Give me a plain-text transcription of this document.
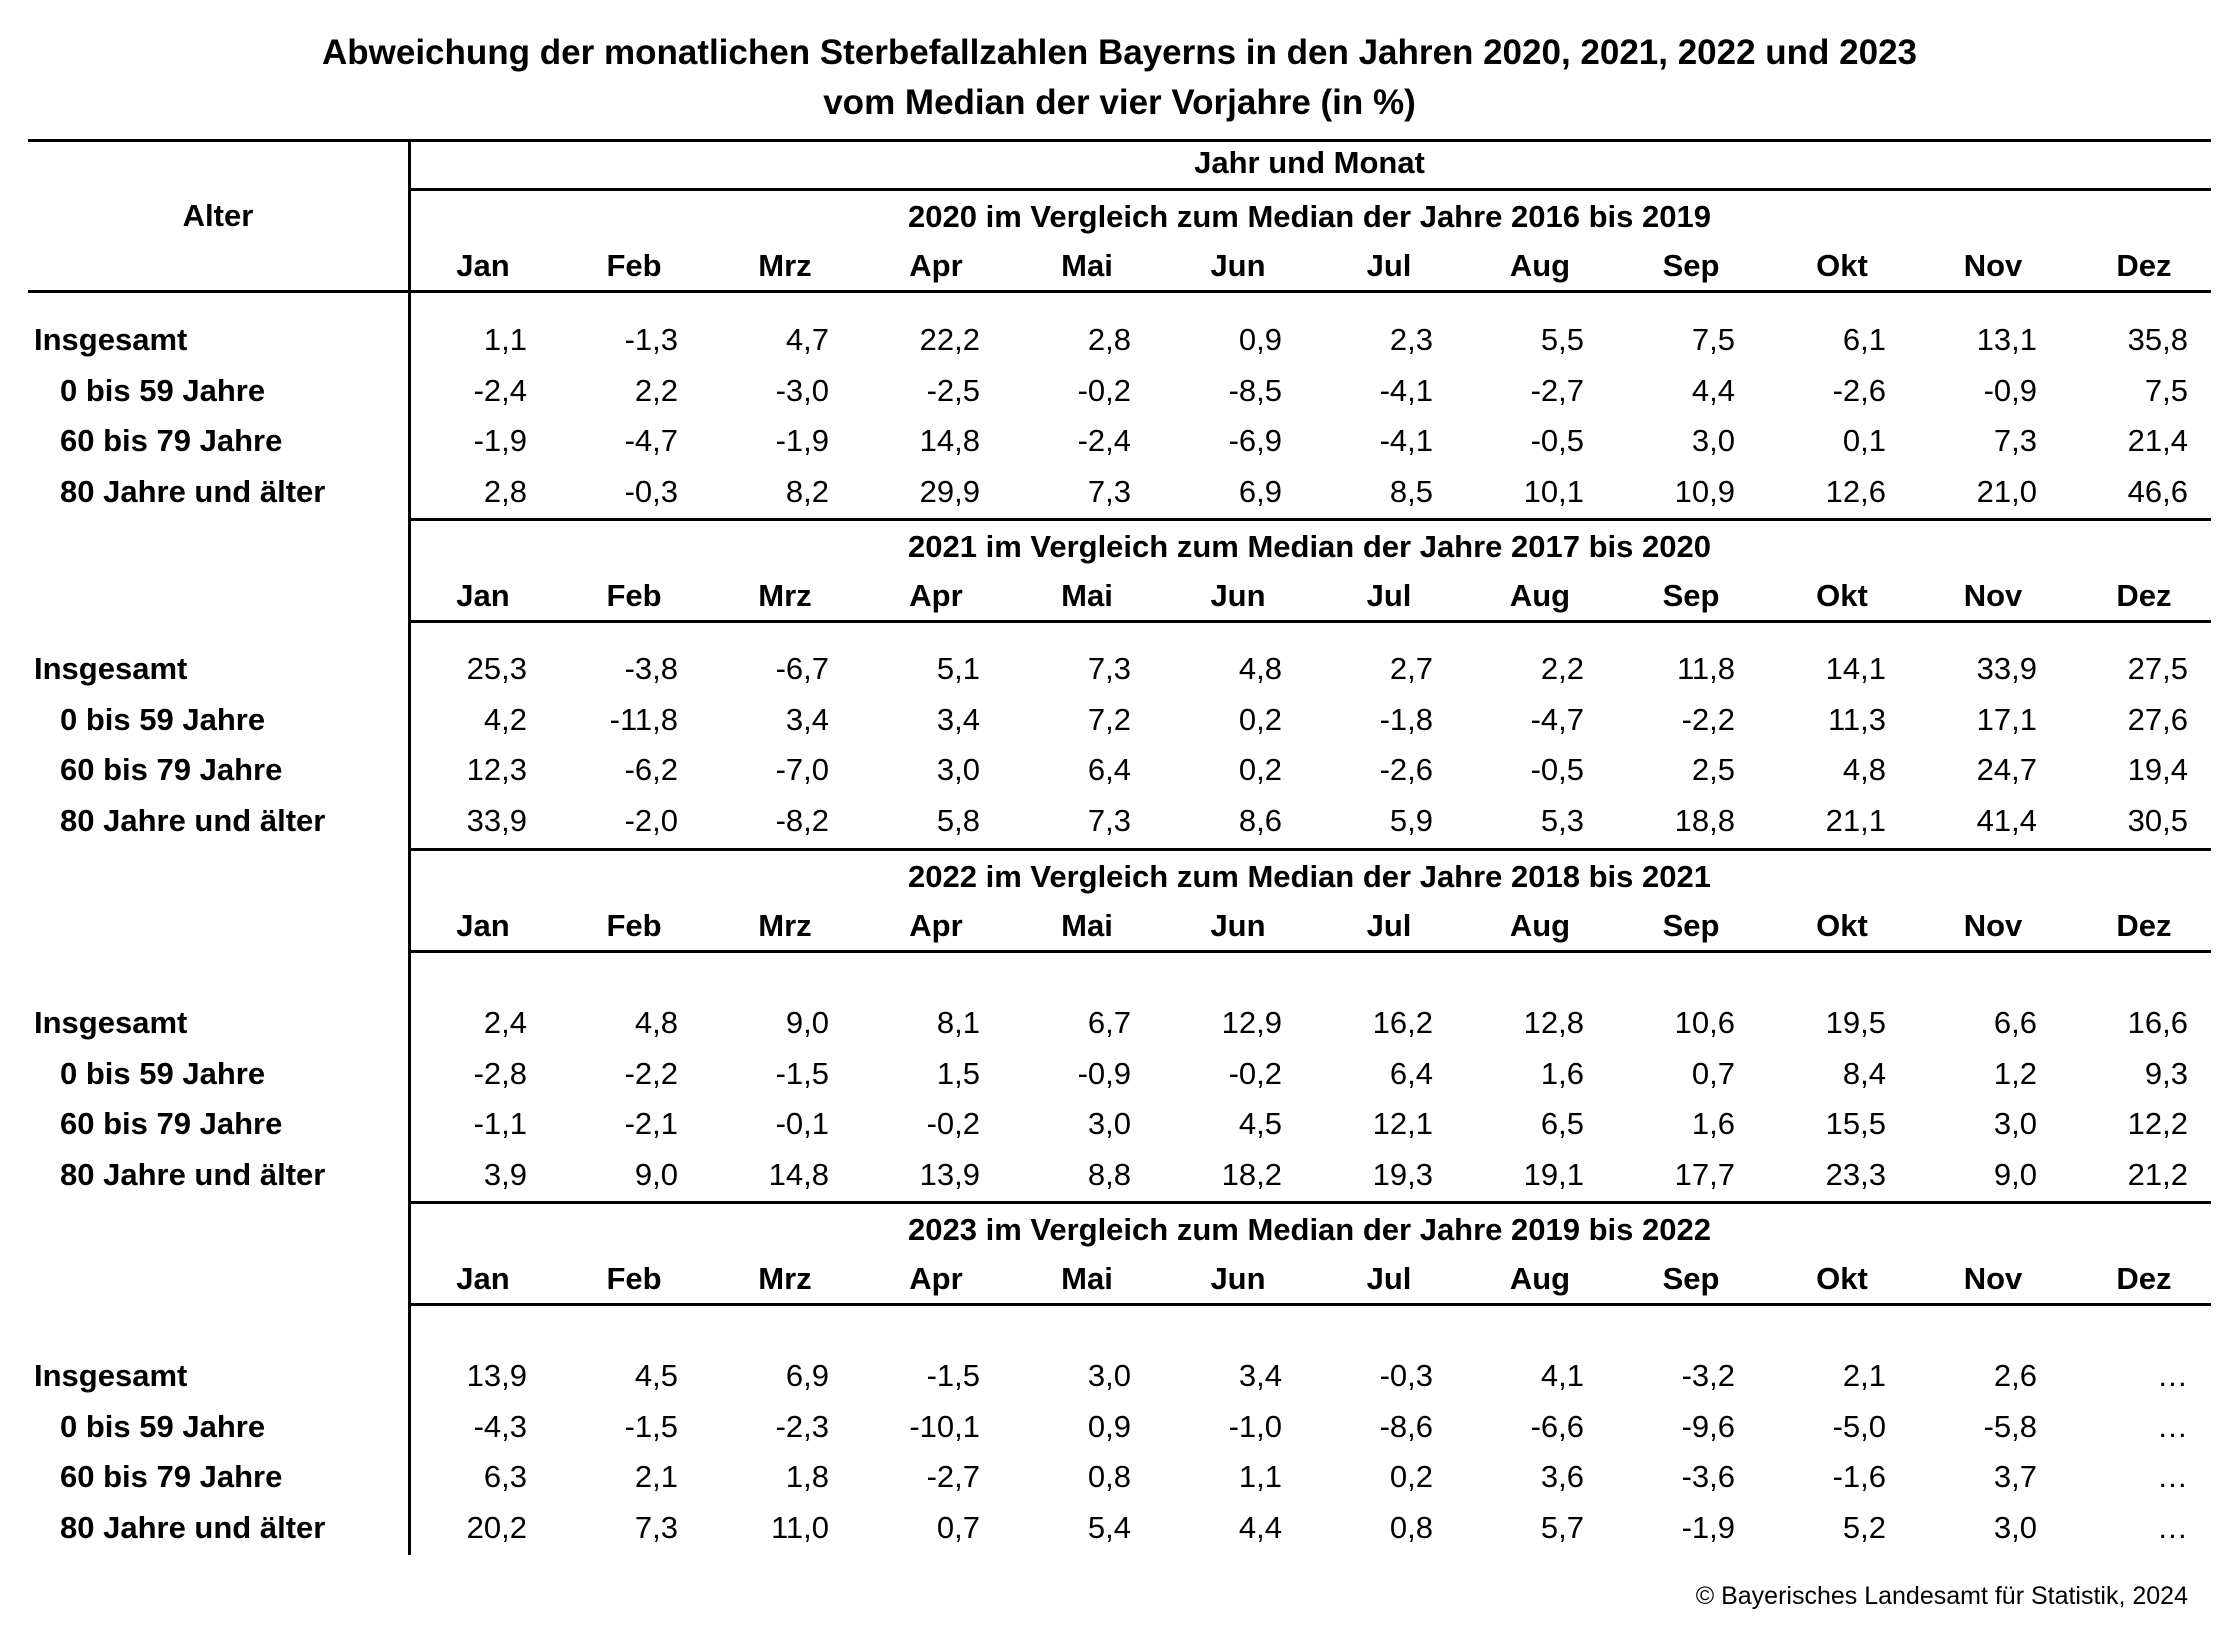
Abweichung der monatlichen Sterbefallzahlen Bayerns in den Jahren 2020, 2021, 2022 und 2023
vom Median der vier Vorjahre (in %)
Alter
Jahr und Monat
2020 im Vergleich zum Median der Jahre 2016 bis 2019
Jan	Feb	Mrz	Apr	Mai	Jun	Jul	Aug	Sep	Okt	Nov	Dez
Insgesamt	1,1	-1,3	4,7	22,2	2,8	0,9	2,3	5,5	7,5	6,1	13,1	35,8
0 bis 59 Jahre	-2,4	2,2	-3,0	-2,5	-0,2	-8,5	-4,1	-2,7	4,4	-2,6	-0,9	7,5
60 bis 79 Jahre	-1,9	-4,7	-1,9	14,8	-2,4	-6,9	-4,1	-0,5	3,0	0,1	7,3	21,4
80 Jahre und älter	2,8	-0,3	8,2	29,9	7,3	6,9	8,5	10,1	10,9	12,6	21,0	46,6
2021 im Vergleich zum Median der Jahre 2017 bis 2020
Jan	Feb	Mrz	Apr	Mai	Jun	Jul	Aug	Sep	Okt	Nov	Dez
Insgesamt	25,3	-3,8	-6,7	5,1	7,3	4,8	2,7	2,2	11,8	14,1	33,9	27,5
0 bis 59 Jahre	4,2	-11,8	3,4	3,4	7,2	0,2	-1,8	-4,7	-2,2	11,3	17,1	27,6
60 bis 79 Jahre	12,3	-6,2	-7,0	3,0	6,4	0,2	-2,6	-0,5	2,5	4,8	24,7	19,4
80 Jahre und älter	33,9	-2,0	-8,2	5,8	7,3	8,6	5,9	5,3	18,8	21,1	41,4	30,5
2022 im Vergleich zum Median der Jahre 2018 bis 2021
Jan	Feb	Mrz	Apr	Mai	Jun	Jul	Aug	Sep	Okt	Nov	Dez
Insgesamt	2,4	4,8	9,0	8,1	6,7	12,9	16,2	12,8	10,6	19,5	6,6	16,6
0 bis 59 Jahre	-2,8	-2,2	-1,5	1,5	-0,9	-0,2	6,4	1,6	0,7	8,4	1,2	9,3
60 bis 79 Jahre	-1,1	-2,1	-0,1	-0,2	3,0	4,5	12,1	6,5	1,6	15,5	3,0	12,2
80 Jahre und älter	3,9	9,0	14,8	13,9	8,8	18,2	19,3	19,1	17,7	23,3	9,0	21,2
2023 im Vergleich zum Median der Jahre 2019 bis 2022
Jan	Feb	Mrz	Apr	Mai	Jun	Jul	Aug	Sep	Okt	Nov	Dez
Insgesamt	13,9	4,5	6,9	-1,5	3,0	3,4	-0,3	4,1	-3,2	2,1	2,6	…
0 bis 59 Jahre	-4,3	-1,5	-2,3	-10,1	0,9	-1,0	-8,6	-6,6	-9,6	-5,0	-5,8	…
60 bis 79 Jahre	6,3	2,1	1,8	-2,7	0,8	1,1	0,2	3,6	-3,6	-1,6	3,7	…
80 Jahre und älter	20,2	7,3	11,0	0,7	5,4	4,4	0,8	5,7	-1,9	5,2	3,0	…
© Bayerisches Landesamt für Statistik, 2024
